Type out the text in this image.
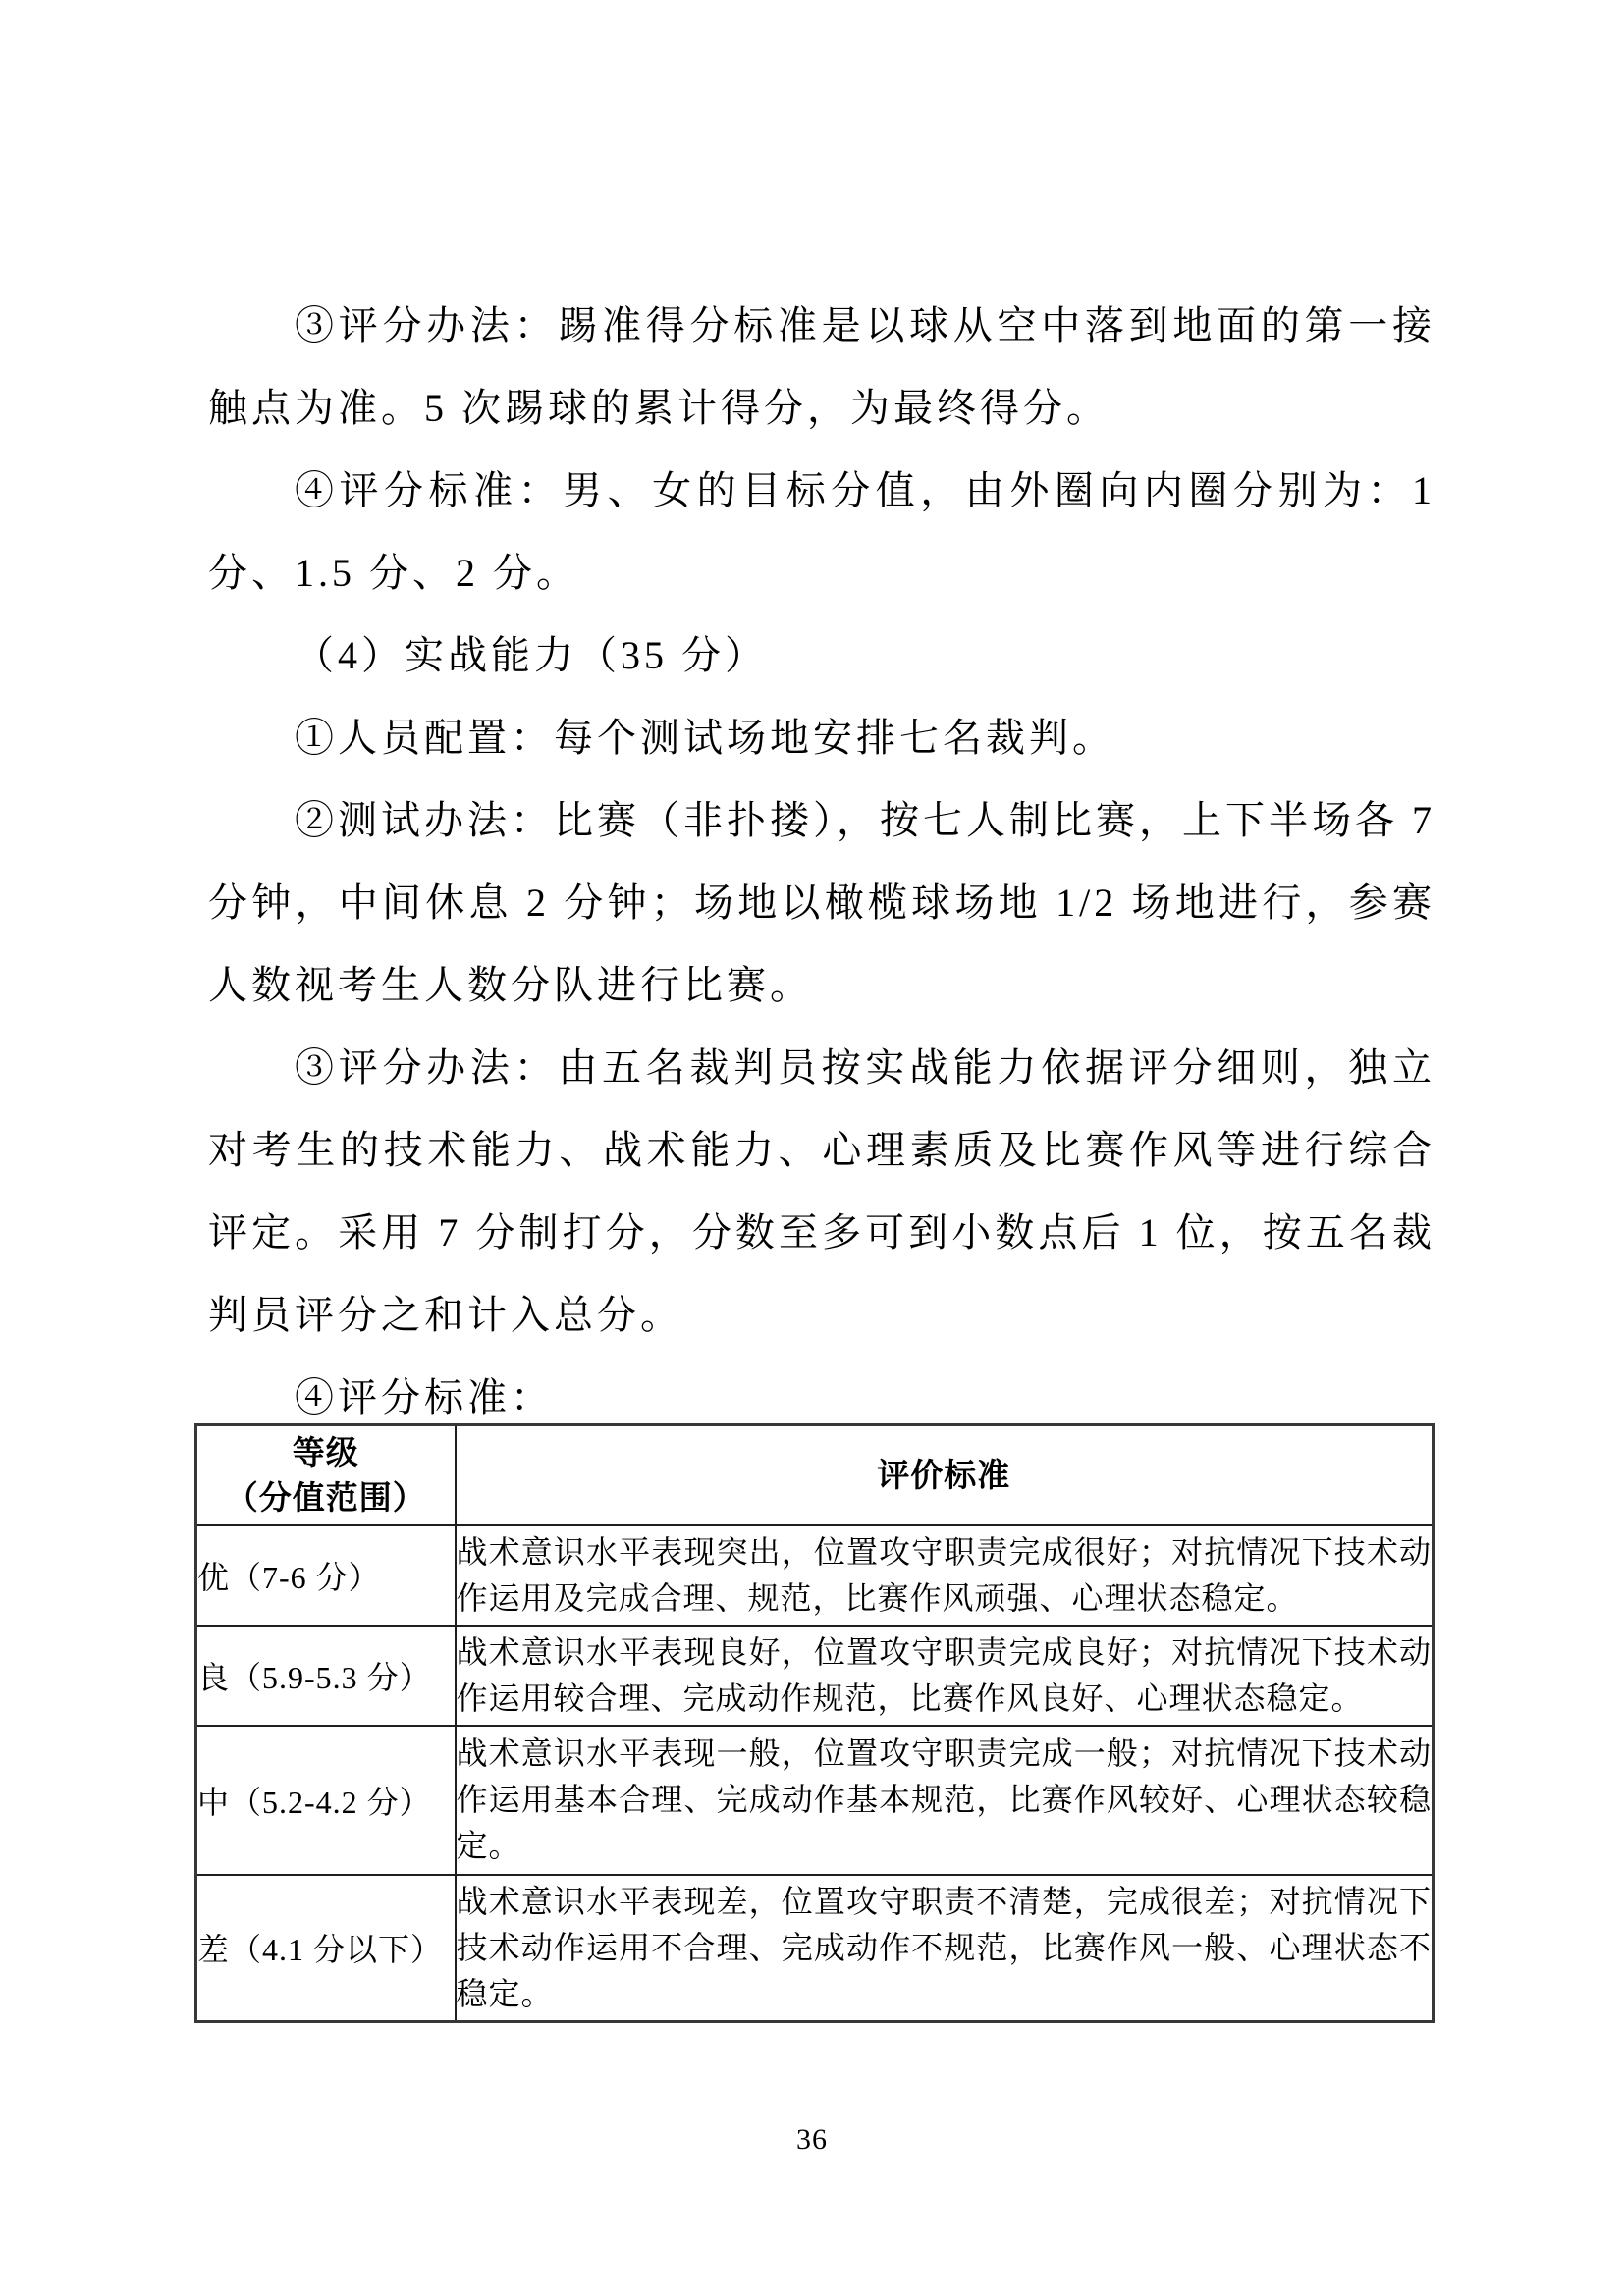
③评分办法：踢准得分标准是以球从空中落到地面的第一接触点为准。5 次踢球的累计得分，为最终得分。

④评分标准：男、女的目标分值，由外圈向内圈分别为：1 分、1.5 分、2 分。

（4）实战能力（35 分）

①人员配置：每个测试场地安排七名裁判。

②测试办法：比赛（非扑搂），按七人制比赛，上下半场各 7 分钟，中间休息 2 分钟；场地以橄榄球场地 1/2 场地进行，参赛人数视考生人数分队进行比赛。

③评分办法：由五名裁判员按实战能力依据评分细则，独立对考生的技术能力、战术能力、心理素质及比赛作风等进行综合评定。采用 7 分制打分，分数至多可到小数点后 1 位，按五名裁判员评分之和计入总分。

④评分标准：

等级
（分值范围）	评价标准
优（7-6 分）	战术意识水平表现突出，位置攻守职责完成很好；对抗情况下技术动作运用及完成合理、规范，比赛作风顽强、心理状态稳定。
良（5.9-5.3 分）	战术意识水平表现良好，位置攻守职责完成良好；对抗情况下技术动作运用较合理、完成动作规范，比赛作风良好、心理状态稳定。
中（5.2-4.2 分）	战术意识水平表现一般，位置攻守职责完成一般；对抗情况下技术动作运用基本合理、完成动作基本规范，比赛作风较好、心理状态较稳定。
差（4.1 分以下）	战术意识水平表现差，位置攻守职责不清楚，完成很差；对抗情况下技术动作运用不合理、完成动作不规范，比赛作风一般、心理状态不稳定。
36
